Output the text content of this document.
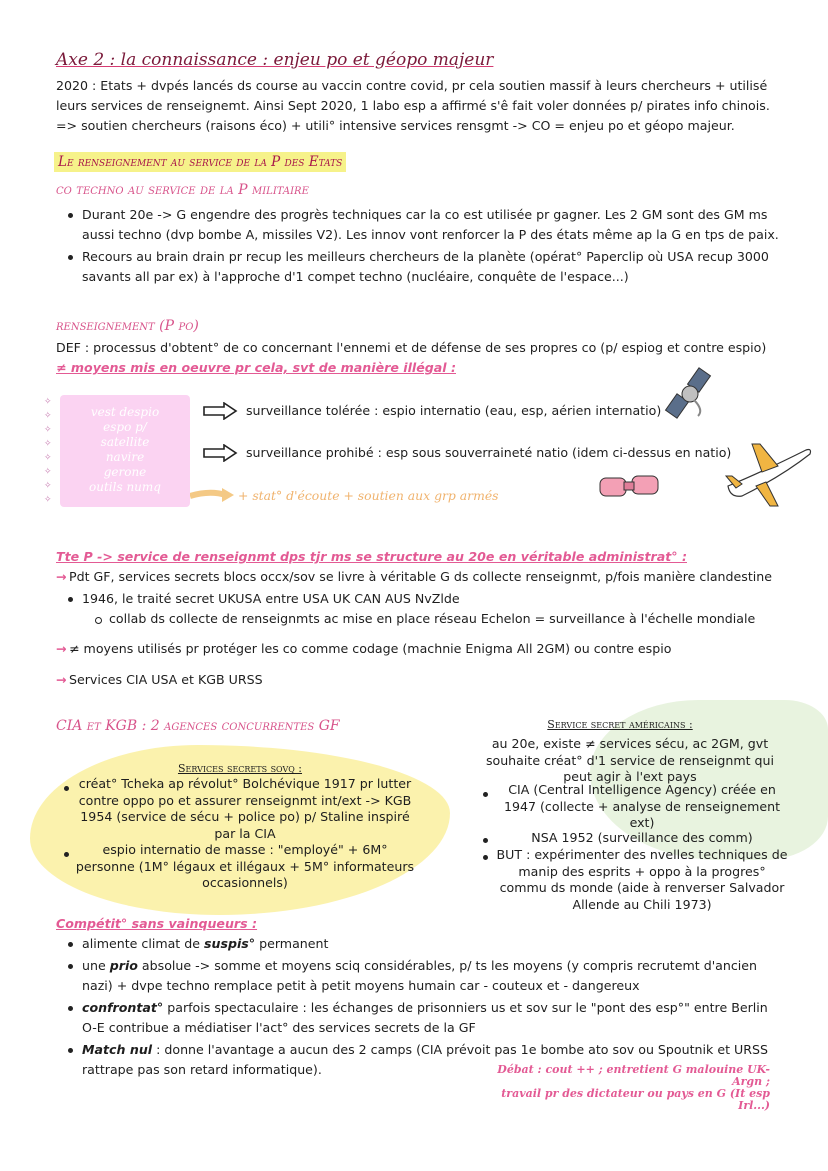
Axe 2 : la connaissance : enjeu po et géopo majeur
2020 : Etats + dvpés lancés ds course au vaccin contre covid, pr cela soutien massif à leurs chercheurs + utilisé
leurs services de renseignemt. Ainsi Sept 2020, 1 labo esp a affirmé s'ê fait voler données p/ pirates info chinois.
=> soutien chercheurs (raisons éco) + utili° intensive services rensgmt -> CO = enjeu po et géopo majeur.
Le renseignement au service de la P des Etats
co techno au service de la P militaire
Durant 20e -> G engendre des progrès techniques car la co est utilisée pr gagner. Les 2 GM sont des GM ms
aussi techno (dvp bombe A, missiles V2). Les innov vont renforcer la P des états même ap la G en tps de paix.
Recours au brain drain pr recup les meilleurs chercheurs de la planète (opérat° Paperclip où USA recup 3000
savants all par ex) à l'approche d'1 compet techno (nucléaire, conquête de l'espace...)
renseignement (P po)
DEF : processus d'obtent° de co concernant l'ennemi et de défense de ses propres co (p/ espiog et contre espio)
≠ moyens mis en oeuvre pr cela, svt de manière illégal :
vest despio
espo p/
satellite
navire
gerone
outils numq
✧
✧
✧
✧
✧
✧
✧
✧
surveillance tolérée : espio internatio (eau, esp, aérien internatio)
surveillance prohibé : esp sous souverraineté natio (idem ci-dessus en natio)
+ stat° d'écoute + soutien aux grp armés
Tte P -> service de renseignmt dps tjr ms se structure au 20e en véritable administrat° :
→ Pdt GF, services secrets blocs occx/sov se livre à véritable G ds collecte renseignmt, p/fois manière clandestine
1946, le traité secret UKUSA entre USA UK CAN AUS NvZlde
collab ds collecte de renseignmts ac mise en place réseau Echelon = surveillance à l'échelle mondiale
→ ≠ moyens utilisés pr protéger les co comme codage (machnie Enigma All 2GM) ou contre espio
→ Services CIA USA et KGB URSS
CIA et KGB : 2 agences concurrentes GF
Services secrets sovq :
créat° Tcheka ap révolut° Bolchévique 1917 pr lutter contre oppo po et assurer renseignmt int/ext -> KGB 1954 (service de sécu + police po) p/ Staline inspiré par la CIA
espio internatio de masse : "employé" + 6M° personne (1M° légaux et illégaux + 5M° informateurs occasionnels)
Service secret américains :
au 20e, existe ≠ services sécu, ac 2GM, gvt souhaite créat° d'1 service de renseignmt qui peut agir à l'ext pays
CIA (Central Intelligence Agency) créée en 1947 (collecte + analyse de renseignement ext)
NSA 1952 (surveillance des comm)
BUT : expérimenter des nvelles techniques de manip des esprits + oppo à la progres° commu ds monde (aide à renverser Salvador Allende au Chili 1973)
Compétit° sans vainqueurs :
alimente climat de suspis° permanent
une prio absolue -> somme et moyens sciq considérables, p/ ts les moyens (y compris recrutemt d'ancien
nazi) + dvpe techno remplace petit à petit moyens humain car - couteux et - dangereux
confrontat° parfois spectaculaire : les échanges de prisonniers us et sov sur le "pont des esp°" entre Berlin
O-E contribue a médiatiser l'act° des services secrets de la GF
Match nul : donne l'avantage a aucun des 2 camps (CIA prévoit pas 1e bombe ato sov ou Spoutnik et URSS
rattrape pas son retard informatique).	Débat : cout ++ ; entretient G malouine UK-Argn ;
travail pr des dictateur ou pays en G (It esp Irl...)
